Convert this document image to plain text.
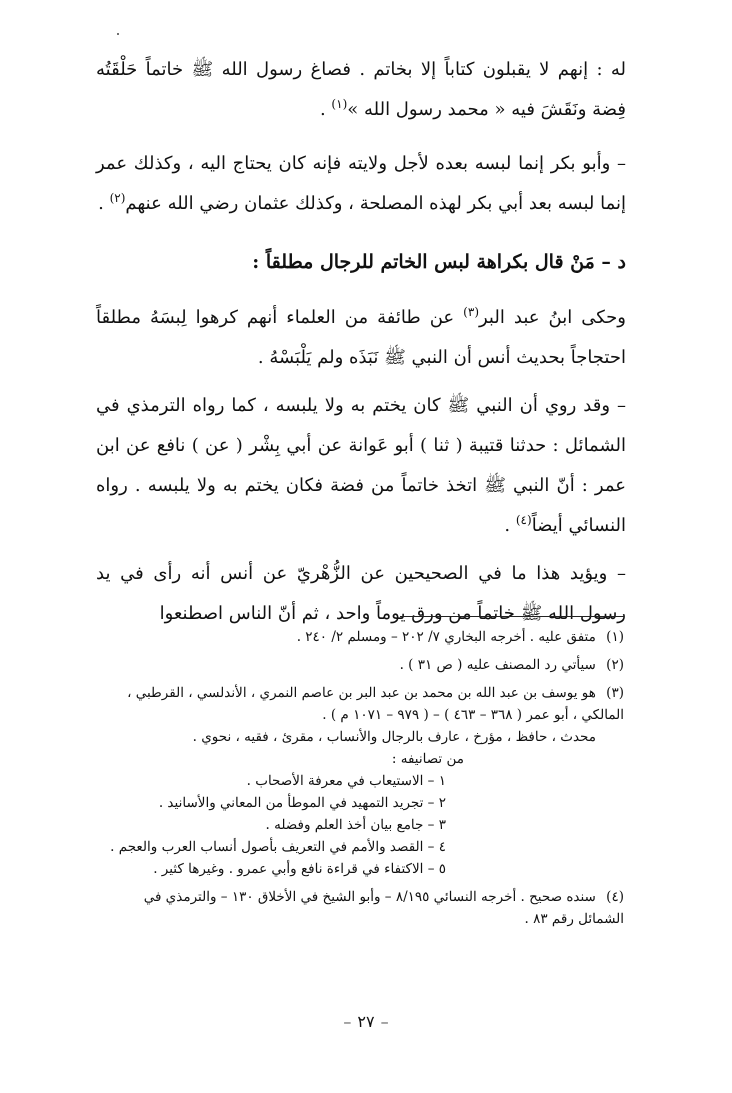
له : إنهم لا يقبلون كتاباً إلا بخاتم . فصاغ رسول الله ﷺ خاتماً حَلْقَتُه فِضة ونَقَشَ فيه « محمد رسول الله »$^{(١)}$ .

– وأبو بكر إنما لبسه بعده لأجل ولايته فإنه كان يحتاج اليه ، وكذلك عمر إنما لبسه بعد أبي بكر لهذه المصلحة ، وكذلك عثمان رضي الله عنهم$^{(٢)}$ .

د – مَنْ قال بكراهة لبس الخاتم للرجال مطلقاً :

وحكى ابنُ عبد البر$^{(٣)}$ عن طائفة من العلماء أنهم كرهوا لِبسَهُ مطلقاً احتجاجاً بحديث أنس أن النبي ﷺ نَبَذَه ولم يَلْبَسْهُ .

– وقد روي أن النبي ﷺ كان يختم به ولا يلبسه ، كما رواه الترمذي في الشمائل : حدثنا قتيبة ( ثنا ) أبو عَوانة عن أبي بِشْر ( عن ) نافع عن ابن عمر : أنّ النبي ﷺ اتخذ خاتماً من فضة فكان يختم به ولا يلبسه . رواه النسائي أيضاً$^{(٤)}$ .

– ويؤيد هذا ما في الصحيحين عن الزُّهْريّ عن أنس أنه رأى في يد رسول الله ﷺ خاتماً من ورق يوماً واحد ، ثم أنّ الناس اصطنعوا

(١) متفق عليه . أخرجه البخاري ٧/ ٢٠٢ – ومسلم ٢/ ٢٤٠ .
(٢) سيأتي رد المصنف عليه ( ص ٣١ ) .
(٣) هو يوسف بن عبد الله بن محمد بن عبد البر بن عاصم النمري ، الأندلسي ، القرطبي ، المالكي ، أبو عمر ( ٣٦٨ – ٤٦٣ ) – ( ٩٧٩ – ١٠٧١ م ) .
محدث ، حافظ ، مؤرخ ، عارف بالرجال والأنساب ، مقرئ ، فقيه ، نحوي .
من تصانيفه :
١ – الاستيعاب في معرفة الأصحاب .
٢ – تجريد التمهيد في الموطأ من المعاني والأسانيد .
٣ – جامع بيان أخذ العلم وفضله .
٤ – القصد والأمم في التعريف بأصول أنساب العرب والعجم .
٥ – الاكتفاء في قراءة نافع وأبي عمرو . وغيرها كثير .
(٤) سنده صحيح . أخرجه النسائي ٨/١٩٥ – وأبو الشيخ في الأخلاق ١٣٠ – والترمذي في الشمائل رقم ٨٣ .
–٢٧–
